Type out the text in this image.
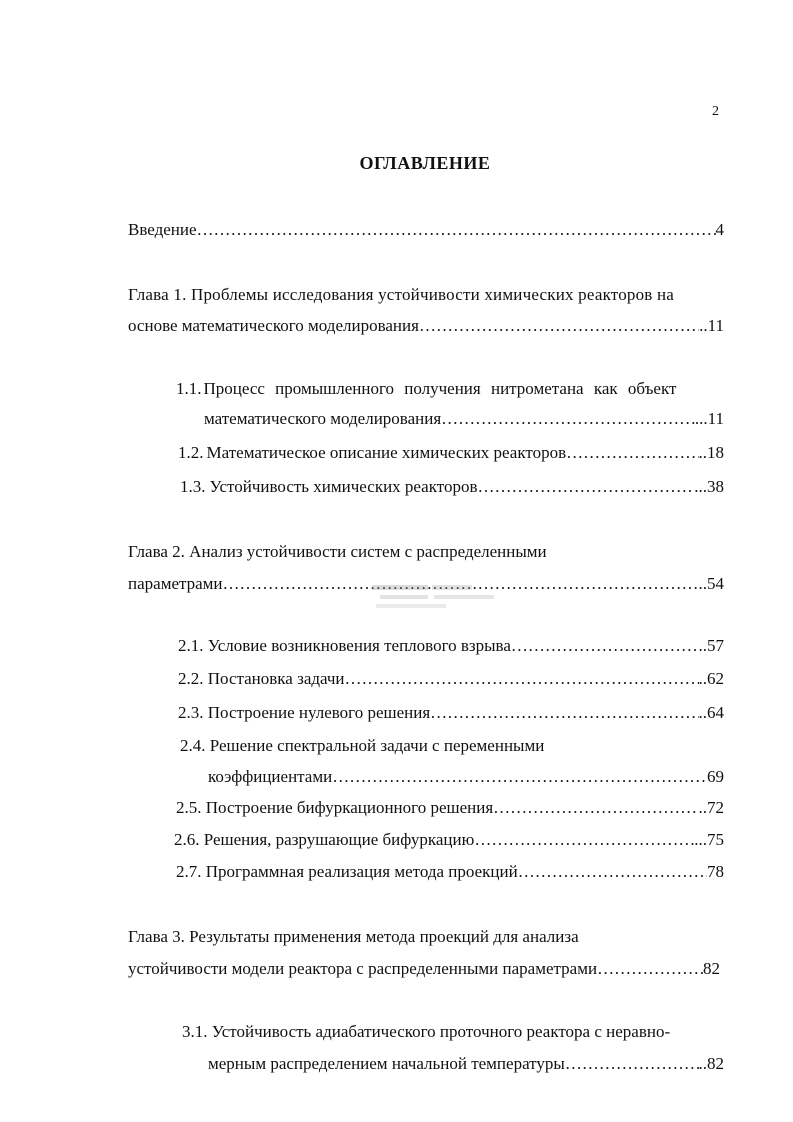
2
ОГЛАВЛЕНИЕ
Введение ………………………………………………………………………………………………………………………………………………………………	4
Глава 1. Проблемы исследования устойчивости химических реакторов на
основе математического моделирования ………………………………………………………………………………………………………………………………………………………………	..11
1.1. Процесс промышленного получения нитрометана как объект
математического моделирования ………………………………………………………………………………………………………………………………………………………………	...11
1.2. Математическое описание химических реакторов ………………………………………………………………………………………………………………………………………………………………	..18
1.3. Устойчивость химических реакторов ………………………………………………………………………………………………………………………………………………………………	...38
Глава 2. Анализ устойчивости систем с распределенными
параметрами ………………………………………………………………………………………………………………………………………………………………	..54
2.1. Условие возникновения теплового взрыва ………………………………………………………………………………………………………………………………………………………………	..57
2.2. Постановка задачи ………………………………………………………………………………………………………………………………………………………………	..62
2.3. Построение нулевого решения ………………………………………………………………………………………………………………………………………………………………	..64
2.4. Решение спектральной задачи с переменными
коэффициентами ………………………………………………………………………………………………………………………………………………………………	69
2.5. Построение бифуркационного решения ………………………………………………………………………………………………………………………………………………………………	..72
2.6. Решения, разрушающие бифуркацию ………………………………………………………………………………………………………………………………………………………………	...75
2.7. Программная реализация метода проекций ………………………………………………………………………………………………………………………………………………………………	78
Глава 3. Результаты применения метода проекций для анализа
устойчивости модели реактора с распределенными параметрами ………………………………………………………………………………………………………………………………………………………………	82
3.1. Устойчивость адиабатического проточного реактора с неравно-
мерным распределением начальной температуры ………………………………………………………………………………………………………………………………………………………………	..82
